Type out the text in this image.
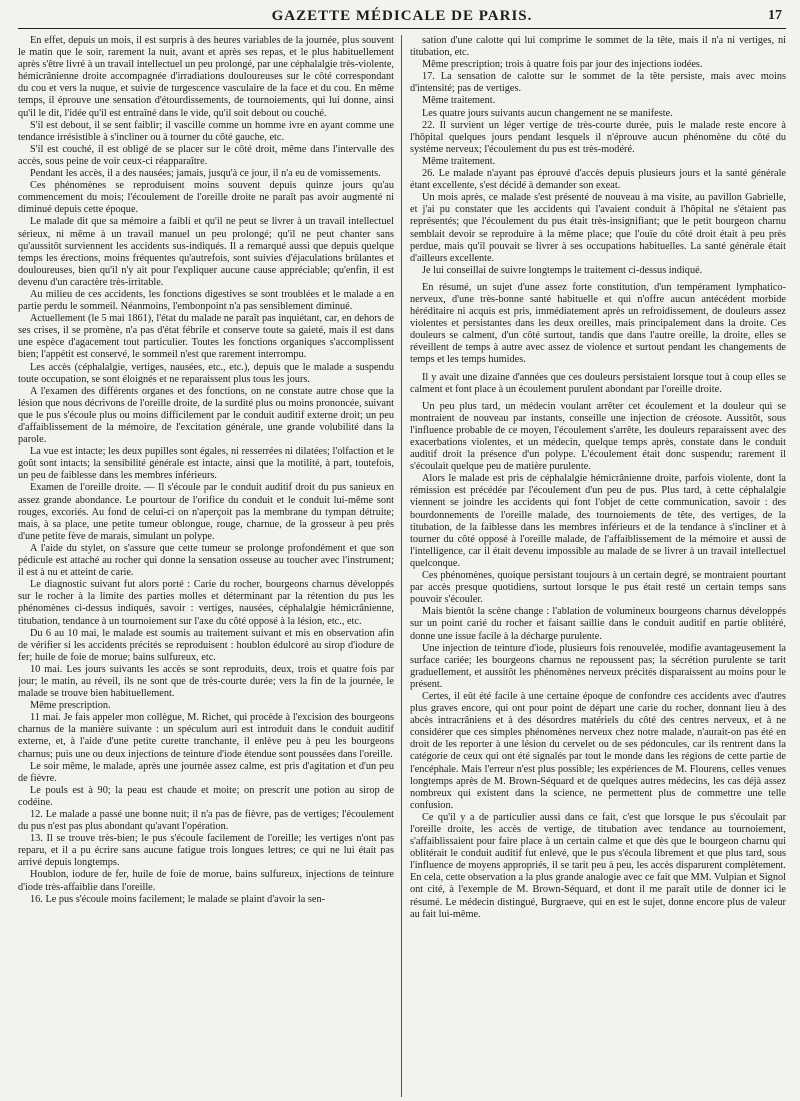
GAZETTE MÉDICALE DE PARIS.	17

En effet, depuis un mois, il est surpris à des heures variables de la journée, plus souvent le matin que le soir, rarement la nuit, avant et après ses repas, et le plus habituellement après s'être livré à un travail intellectuel un peu prolongé, par une céphalalgie très-violente, hémicrânienne droite accompagnée d'irradiations douloureuses sur le côté correspondant du cou et vers la nuque, et suivie de turgescence vasculaire de la face et du cou. En même temps, il éprouve une sensation d'étourdissements, de tournoiements, qui lui donne, ainsi qu'il le dit, l'idée qu'il est entraîné dans le vide, qu'il soit debout ou couché.

S'il est debout, il se sent faiblir; il vascille comme un homme ivre en ayant comme une tendance irrésistible à s'incliner ou à tourner du côté gauche, etc.

S'il est couché, il est obligé de se placer sur le côté droit, même dans l'intervalle des accès, sous peine de voir ceux-ci réapparaître.

Pendant les accès, il a des nausées; jamais, jusqu'à ce jour, il n'a eu de vomissements.

Ces phénomènes se reproduisent moins souvent depuis quinze jours qu'au commencement du mois; l'écoulement de l'oreille droite ne paraît pas avoir augmenté ni diminué depuis cette époque.

Le malade dit que sa mémoire a faibli et qu'il ne peut se livrer à un travail intellectuel sérieux, ni même à un travail manuel un peu prolongé; qu'il ne peut chanter sans qu'aussitôt surviennent les accidents sus-indiqués. Il a remarqué aussi que depuis quelque temps les érections, moins fréquentes qu'autrefois, sont suivies d'éjaculations brûlantes et douloureuses, bien qu'il n'y ait pour l'expliquer aucune cause appréciable; qu'enfin, il est devenu d'un caractère très-irritable.

Au milieu de ces accidents, les fonctions digestives se sont troublées et le malade a en partie perdu le sommeil. Néanmoins, l'embonpoint n'a pas sensiblement diminué.

Actuellement (le 5 mai 1861), l'état du malade ne paraît pas inquiétant, car, en dehors de ses crises, il se promène, n'a pas d'état fébrile et conserve toute sa gaieté, mais il est dans une espèce d'agacement tout particulier. Toutes les fonctions organiques s'accomplissent bien; l'appétit est conservé, le sommeil n'est que rarement interrompu.

Les accès (céphalalgie, vertiges, nausées, etc., etc.), depuis que le malade a suspendu toute occupation, se sont éloignés et ne reparaissent plus tous les jours.

A l'examen des différents organes et des fonctions, on ne constate autre chose que la lésion que nous décrivons de l'oreille droite, de la surdité plus ou moins prononcée, suivant que le pus s'écoule plus ou moins difficilement par le conduit auditif externe droit; un peu d'affaiblissement de la mémoire, de l'excitation générale, une grande volubilité dans la parole.

La vue est intacte; les deux pupilles sont égales, ni resserrées ni dilatées; l'olfaction et le goût sont intacts; la sensibilité générale est intacte, ainsi que la motilité, à part, toutefois, un peu de faiblesse dans les membres inférieurs.

Examen de l'oreille droite. — Il s'écoule par le conduit auditif droit du pus sanieux en assez grande abondance. Le pourtour de l'orifice du conduit et le conduit lui-même sont rouges, excoriés. Au fond de celui-ci on n'aperçoit pas la membrane du tympan détruite; mais, à sa place, une petite tumeur oblongue, rouge, charnue, de la grosseur à peu près d'une petite fève de marais, simulant un polype.

A l'aide du stylet, on s'assure que cette tumeur se prolonge profondément et que son pédicule est attaché au rocher qui donne la sensation osseuse au toucher avec l'instrument; il est à nu et atteint de carie.

Le diagnostic suivant fut alors porté : Carie du rocher, bourgeons charnus développés sur le rocher à la limite des parties molles et déterminant par la rétention du pus les phénomènes ci-dessus indiqués, savoir : vertiges, nausées, céphalalgie hémicrânienne, titubation, tendance à un tournoiement sur l'axe du côté opposé à la lésion, etc., etc.

Du 6 au 10 mai, le malade est soumis au traitement suivant et mis en observation afin de vérifier si les accidents précités se reproduisent : houblon édulcoré au sirop d'iodure de fer; huile de foie de morue; bains sulfureux, etc.

10 mai. Les jours suivants les accès se sont reproduits, deux, trois et quatre fois par jour; le matin, au réveil, ils ne sont que de très-courte durée; vers la fin de la journée, le malade se trouve bien habituellement.

Même prescription.

11 mai. Je fais appeler mon collègue, M. Richet, qui procède à l'excision des bourgeons charnus de la manière suivante : un spéculum auri est introduit dans le conduit auditif externe, et, à l'aide d'une petite curette tranchante, il enlève peu à peu les bourgeons charnus; puis une ou deux injections de teinture d'iode étendue sont poussées dans l'oreille.

Le soir même, le malade, après une journée assez calme, est pris d'agitation et d'un peu de fièvre.

Le pouls est à 90; la peau est chaude et moite; on prescrit une potion au sirop de codéine.

12. Le malade a passé une bonne nuit; il n'a pas de fièvre, pas de vertiges; l'écoulement du pus n'est pas plus abondant qu'avant l'opération.

13. Il se trouve très-bien; le pus s'écoule facilement de l'oreille; les vertiges n'ont pas reparu, et il a pu écrire sans aucune fatigue trois longues lettres; ce qui ne lui était pas arrivé depuis longtemps.

Houblon, iodure de fer, huile de foie de morue, bains sulfureux, injections de teinture d'iode très-affaiblie dans l'oreille.

16. Le pus s'écoule moins facilement; le malade se plaint d'avoir la sen-

sation d'une calotte qui lui comprime le sommet de la tête, mais il n'a ni vertiges, ni titubation, etc.

Même prescription; trois à quatre fois par jour des injections iodées.

17. La sensation de calotte sur le sommet de la tête persiste, mais avec moins d'intensité; pas de vertiges.

Même traitement.

Les quatre jours suivants aucun changement ne se manifeste.

22. Il survient un léger vertige de très-courte durée, puis le malade reste encore à l'hôpital quelques jours pendant lesquels il n'éprouve aucun phénomène du côté du système nerveux; l'écoulement du pus est très-modéré.

Même traitement.

26. Le malade n'ayant pas éprouvé d'accès depuis plusieurs jours et la santé générale étant excellente, s'est décidé à demander son exeat.

Un mois après, ce malade s'est présenté de nouveau à ma visite, au pavillon Gabrielle, et j'ai pu constater que les accidents qui l'avaient conduit à l'hôpital ne s'étaient pas représentés; que l'écoulement du pus était très-insignifiant; que le petit bourgeon charnu semblait devoir se reproduire à la même place; que l'ouïe du côté droit était à peu près perdue, mais qu'il pouvait se livrer à ses occupations habituelles. La santé générale était d'ailleurs excellente.

Je lui conseillai de suivre longtemps le traitement ci-dessus indiqué.

En résumé, un sujet d'une assez forte constitution, d'un tempérament lymphatico-nerveux, d'une très-bonne santé habituelle et qui n'offre aucun antécédent morbide héréditaire ni acquis est pris, immédiatement après un refroidissement, de douleurs assez violentes et persistantes dans les deux oreilles, mais principalement dans la droite. Ces douleurs se calment, d'un côté surtout, tandis que dans l'autre oreille, la droite, elles se réveillent de temps à autre avec assez de violence et surtout pendant les changements de temps et les temps humides.

Il y avait une dizaine d'années que ces douleurs persistaient lorsque tout à coup elles se calment et font place à un écoulement purulent abondant par l'oreille droite.

Un peu plus tard, un médecin voulant arrêter cet écoulement et la douleur qui se montraient de nouveau par instants, conseille une injection de créosote. Aussitôt, sous l'influence probable de ce moyen, l'écoulement s'arrête, les douleurs reparaissent avec des exacerbations violentes, et un médecin, quelque temps après, constate dans le conduit auditif droit la présence d'un polype. L'écoulement était donc suspendu; rarement il s'écoulait quelque peu de matière purulente.

Alors le malade est pris de céphalalgie hémicrânienne droite, parfois violente, dont la rémission est précédée par l'écoulement d'un peu de pus. Plus tard, à cette céphalalgie viennent se joindre les accidents qui font l'objet de cette communication, savoir : des bourdonnements de l'oreille malade, des tournoiements de tête, des vertiges, de la titubation, de la faiblesse dans les membres inférieurs et de la tendance à s'incliner et à tourner du côté opposé à l'oreille malade, de l'affaiblissement de la mémoire et aussi de l'intelligence, car il était devenu impossible au malade de se livrer à un travail intellectuel quelconque.

Ces phénomènes, quoique persistant toujours à un certain degré, se montraient pourtant par accès presque quotidiens, surtout lorsque le pus était resté un certain temps sans pouvoir s'écouler.

Mais bientôt la scène change : l'ablation de volumineux bourgeons charnus développés sur un point carié du rocher et faisant saillie dans le conduit auditif en partie oblitéré, donne une issue facile à la décharge purulente.

Une injection de teinture d'iode, plusieurs fois renouvelée, modifie avantageusement la surface cariée; les bourgeons charnus ne repoussent pas; la sécrétion purulente se tarit graduellement, et aussitôt les phénomènes nerveux précités disparaissent au moins pour le présent.

Certes, il eût été facile à une certaine époque de confondre ces accidents avec d'autres plus graves encore, qui ont pour point de départ une carie du rocher, donnant lieu à des abcès intracrâniens et à des désordres matériels du côté des centres nerveux, et à ne considérer que ces simples phénomènes nerveux chez notre malade, n'aurait-on pas été en droit de les reporter à une lésion du cervelet ou de ses pédoncules, car ils rentrent dans la catégorie de ceux qui ont été signalés par tout le monde dans les régions de cette partie de l'encéphale. Mais l'erreur n'est plus possible; les expériences de M. Flourens, celles venues longtemps après de M. Brown-Séquard et de quelques autres médecins, les cas déjà assez nombreux qui existent dans la science, ne permettent plus de commettre une telle confusion.

Ce qu'il y a de particulier aussi dans ce fait, c'est que lorsque le pus s'écoulait par l'oreille droite, les accès de vertige, de titubation avec tendance au tournoiement, s'affaiblissaient pour faire place à un certain calme et que dès que le bourgeon charnu qui oblitérait le conduit auditif fut enlevé, que le pus s'écoula librement et que plus tard, sous l'influence de moyens appropriés, il se tarit peu à peu, les accès disparurent complètement. En cela, cette observation a la plus grande analogie avec ce fait que MM. Vulpian et Signol ont cité, à l'exemple de M. Brown-Séquard, et dont il me paraît utile de donner ici le résumé. Le médecin distingué, Burgraeve, qui en est le sujet, donne encore plus de valeur au fait lui-même.
